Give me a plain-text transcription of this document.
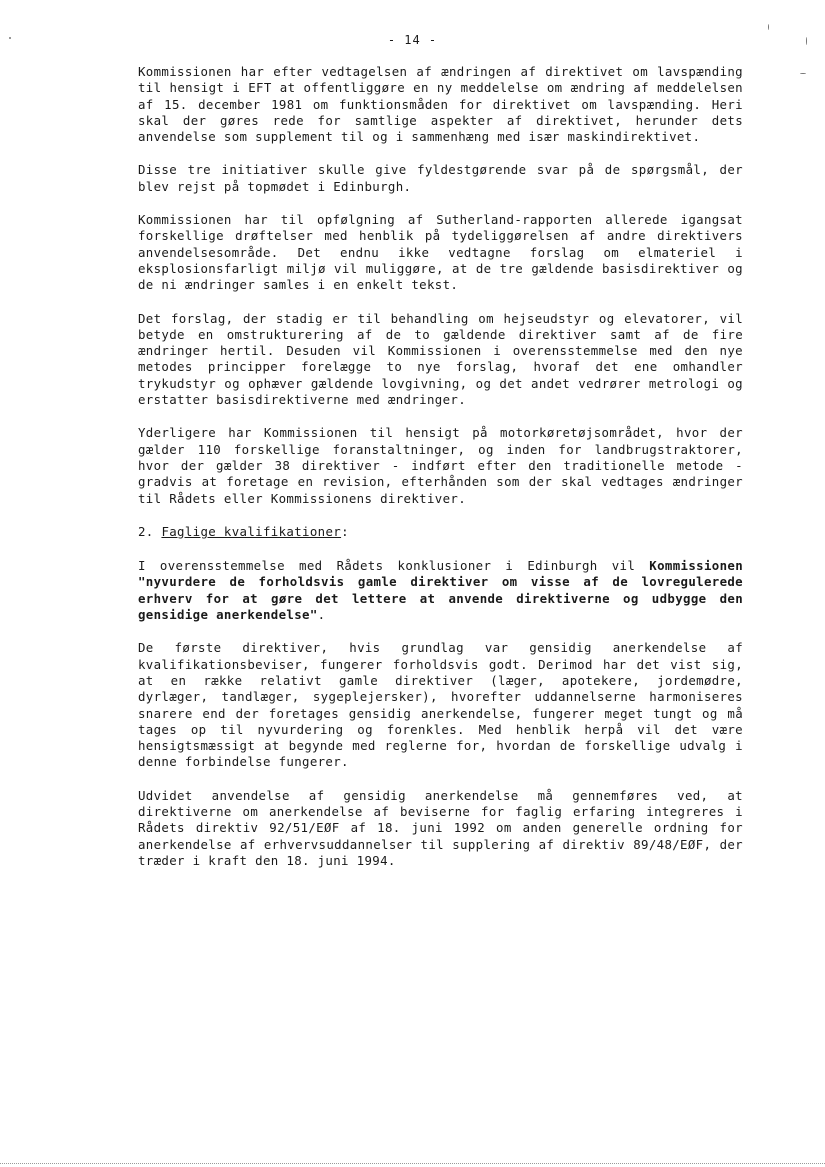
- 14 -

Kommissionen har efter vedtagelsen af ændringen af direktivet om lavspænding til hensigt i EFT at offentliggøre en ny meddelelse om ændring af meddelelsen af 15. december 1981 om funktionsmåden for direktivet om lavspænding. Heri skal der gøres rede for samtlige aspekter af direktivet, herunder dets anvendelse som supplement til og i sammenhæng med især maskindirektivet.

Disse tre initiativer skulle give fyldestgørende svar på de spørgsmål, der blev rejst på topmødet i Edinburgh.

Kommissionen har til opfølgning af Sutherland-rapporten allerede igangsat forskellige drøftelser med henblik på tydeliggørelsen af andre direktivers anvendelsesområde. Det endnu ikke vedtagne forslag om elmateriel i eksplosionsfarligt miljø vil muliggøre, at de tre gældende basisdirektiver og de ni ændringer samles i en enkelt tekst.

Det forslag, der stadig er til behandling om hejseudstyr og elevatorer, vil betyde en omstrukturering af de to gældende direktiver samt af de fire ændringer hertil. Desuden vil Kommissionen i overensstemmelse med den nye metodes principper forelægge to nye forslag, hvoraf det ene omhandler trykudstyr og ophæver gældende lovgivning, og det andet vedrører metrologi og erstatter basisdirektiverne med ændringer.

Yderligere har Kommissionen til hensigt på motorkøretøjsområdet, hvor der gælder 110 forskellige foranstaltninger, og inden for landbrugstraktorer, hvor der gælder 38 direktiver - indført efter den traditionelle metode - gradvis at foretage en revision, efterhånden som der skal vedtages ændringer til Rådets eller Kommissionens direktiver.

2. Faglige kvalifikationer:

I overensstemmelse med Rådets konklusioner i Edinburgh vil Kommissionen "nyvurdere de forholdsvis gamle direktiver om visse af de lovregulerede erhverv for at gøre det lettere at anvende direktiverne og udbygge den gensidige anerkendelse".

De første direktiver, hvis grundlag var gensidig anerkendelse af kvalifikationsbeviser, fungerer forholdsvis godt. Derimod har det vist sig, at en række relativt gamle direktiver (læger, apotekere, jordemødre, dyrlæger, tandlæger, sygeplejersker), hvorefter uddannelserne harmoniseres snarere end der foretages gensidig anerkendelse, fungerer meget tungt og må tages op til nyvurdering og forenkles. Med henblik herpå vil det være hensigtsmæssigt at begynde med reglerne for, hvordan de forskellige udvalg i denne forbindelse fungerer.

Udvidet anvendelse af gensidig anerkendelse må gennemføres ved, at direktiverne om anerkendelse af beviserne for faglig erfaring integreres i Rådets direktiv 92/51/EØF af 18. juni 1992 om anden generelle ordning for anerkendelse af erhvervsuddannelser til supplering af direktiv 89/48/EØF, der træder i kraft den 18. juni 1994.
